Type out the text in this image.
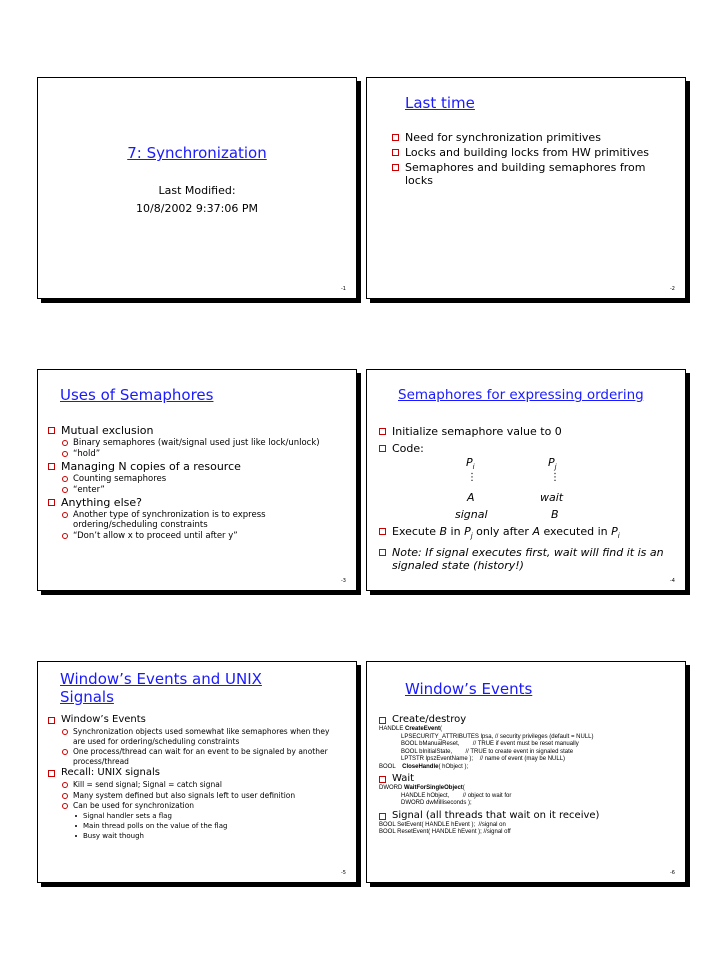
7: Synchronization
Last Modified:
10/8/2002 9:37:06 PM
-1
Last time
Need for synchronization primitives
Locks and building locks from HW primitives
Semaphores and building semaphores from locks
-2
Uses of Semaphores
Mutual exclusion
Binary semaphores (wait/signal used just like lock/unlock)
“hold”
Managing N copies of a resource
Counting semaphores
“enter”
Anything else?
Another type of synchronization is to express ordering/scheduling constraints
“Don’t allow x to proceed until after y”
-3
Semaphores for expressing ordering
Initialize semaphore value to 0
Code:
$P_i$	$P_j$
⋮	⋮
A	wait
signal	B
Execute B in $P_j$ only after A executed in $P_i$
Note: If signal executes first, wait will find it is an signaled state (history!)
-4
Window’s Events and UNIX Signals
Window’s Events
Synchronization objects used somewhat like semaphores when they are used for ordering/scheduling constraints
One process/thread can wait for an event to be signaled by another process/thread
Recall: UNIX signals
Kill = send signal; Signal = catch signal
Many system defined but also signals left to user definition
Can be used for synchronization
Signal handler sets a flag
Main thread polls on the value of the flag
Busy wait though
-5
Window’s Events
Create/destroy
HANDLE CreateEvent(
LPSECURITY_ATTRIBUTES lpsa, // security privileges (default = NULL)
BOOL bManualReset,        // TRUE if event must be reset manually
BOOL bInitialState,        // TRUE to create event in signaled state
LPTSTR lpszEventName );    // name of event (may be NULL)
BOOL    CloseHandle( hObject );
Wait
DWORD WaitForSingleObject(
HANDLE hObject,        // object to wait for
DWORD dwMilliseconds );
Signal (all threads that wait on it receive)
BOOL SetEvent( HANDLE hEvent );  //signal on
BOOL ResetEvent( HANDLE hEvent ); //signal off
-6
